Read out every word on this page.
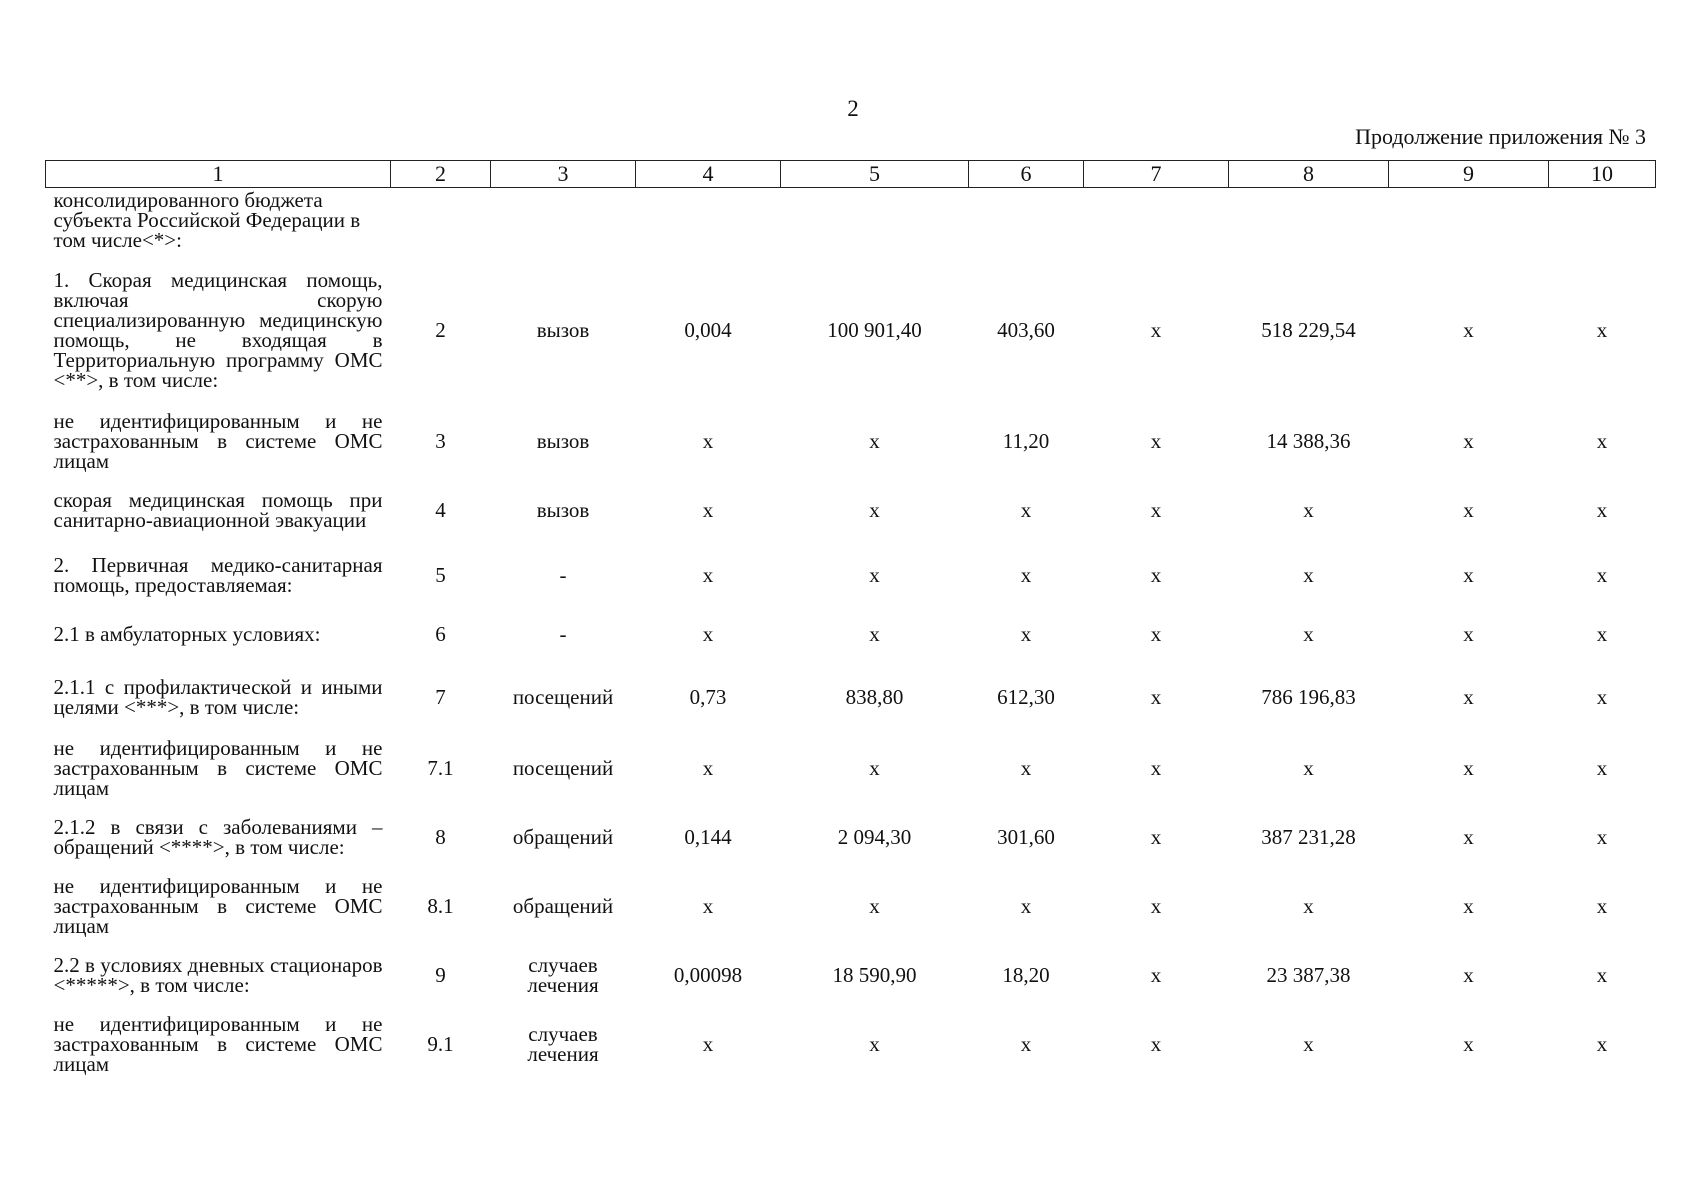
2
Продолжение приложения № 3
1	2	3	4	5	6	7	8	9	10
консолидированного бюджета субъекта Российской Федерации в том числе<*>:									
1. Скорая медицинская помощь, включая скорую специализированную медицинскую помощь, не входящая в Территориальную программу ОМС <**>, в том числе:	2	вызов	0,004	100 901,40	403,60	x	518 229,54	x	x
не идентифицированным и не застрахованным в системе ОМС лицам	3	вызов	x	x	11,20	x	14 388,36	x	x
скорая медицинская помощь при санитарно-авиационной эвакуации	4	вызов	x	x	x	x	x	x	x
2. Первичная медико-санитарная помощь, предоставляемая:	5	-	x	x	x	x	x	x	x
2.1 в амбулаторных условиях:	6	-	x	x	x	x	x	x	x
2.1.1 с профилактической и иными целями <***>, в том числе:	7	посещений	0,73	838,80	612,30	x	786 196,83	x	x
не идентифицированным и не застрахованным в системе ОМС лицам	7.1	посещений	x	x	x	x	x	x	x
2.1.2 в связи с заболеваниями – обращений <****>, в том числе:	8	обращений	0,144	2 094,30	301,60	x	387 231,28	x	x
не идентифицированным и не застрахованным в системе ОМС лицам	8.1	обращений	x	x	x	x	x	x	x
2.2 в условиях дневных стационаров <*****>, в том числе:	9	случаев лечения	0,00098	18 590,90	18,20	x	23 387,38	x	x
не идентифицированным и не застрахованным в системе ОМС лицам	9.1	случаев лечения	x	x	x	x	x	x	x
